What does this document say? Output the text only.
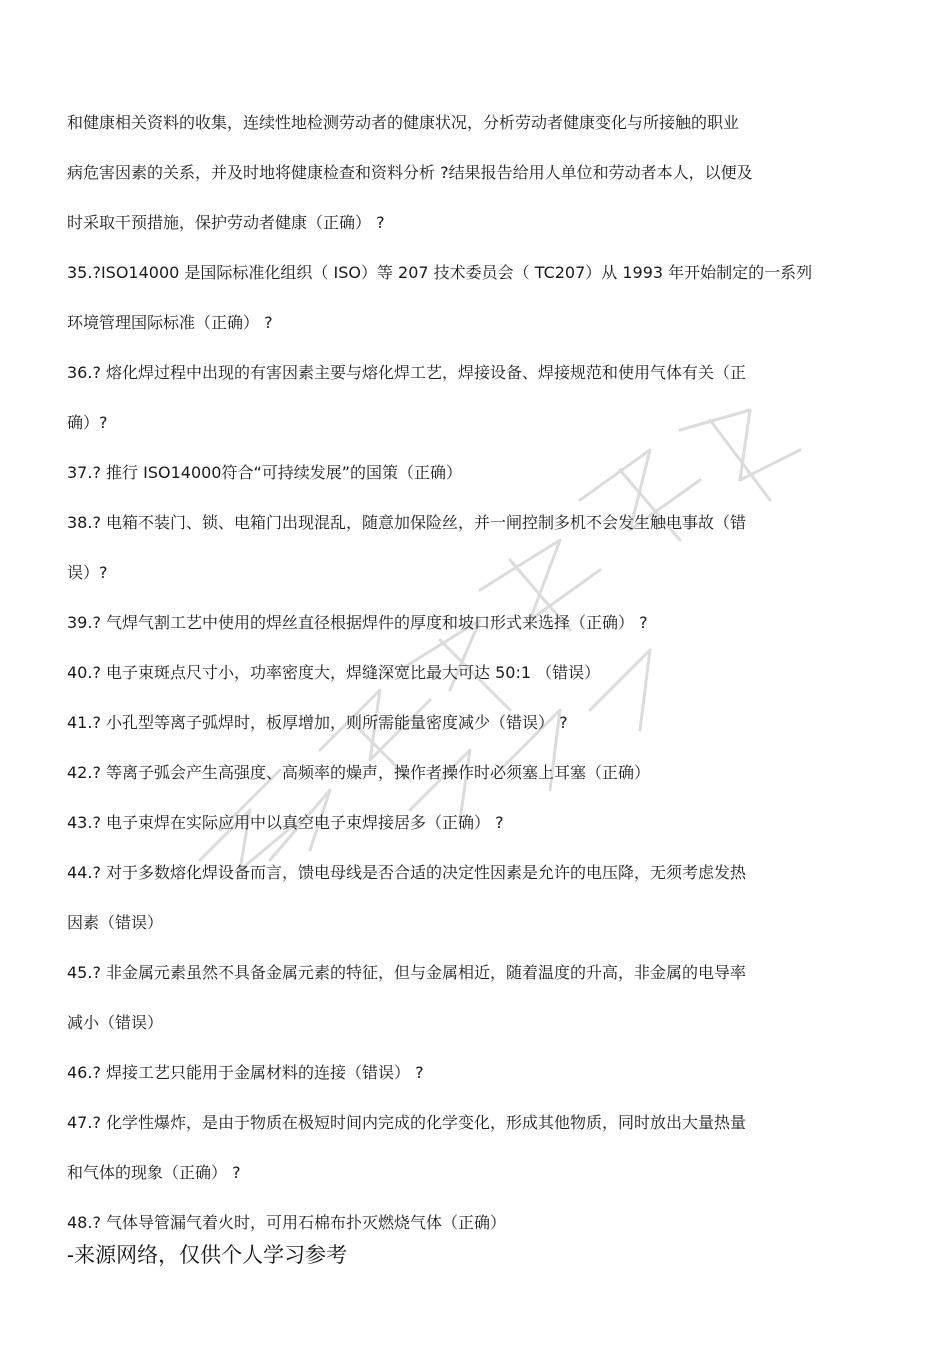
和健康相关资料的收集，连续性地检测劳动者的健康状况，分析劳动者健康变化与所接触的职业
病危害因素的关系，并及时地将健康检查和资料分析 ?结果报告给用人单位和劳动者本人，以便及
时采取干预措施，保护劳动者健康（正确） ?
35.?ISO14000 是国际标准化组织（ ISO）等 207 技术委员会（ TC207）从 1993 年开始制定的一系列
环境管理国际标准（正确） ?
36.? 熔化焊过程中出现的有害因素主要与熔化焊工艺，焊接设备、焊接规范和使用气体有关（正
确）?
37.? 推行 ISO14000符合“可持续发展”的国策（正确）
38.? 电箱不装门、锁、电箱门出现混乱，随意加保险丝，并一闸控制多机不会发生触电事故（错
误）?
39.? 气焊气割工艺中使用的焊丝直径根据焊件的厚度和坡口形式来选择（正确） ?
40.? 电子束斑点尺寸小，功率密度大，焊缝深宽比最大可达 50:1 （错误）
41.? 小孔型等离子弧焊时，板厚增加，则所需能量密度减少（错误） ?
42.? 等离子弧会产生高强度、高频率的燥声，操作者操作时必须塞上耳塞（正确）
43.? 电子束焊在实际应用中以真空电子束焊接居多（正确） ?
44.? 对于多数熔化焊设备而言，馈电母线是否合适的决定性因素是允许的电压降，无须考虑发热
因素（错误）
45.? 非金属元素虽然不具备金属元素的特征，但与金属相近，随着温度的升高，非金属的电导率
减小（错误）
46.? 焊接工艺只能用于金属材料的连接（错误） ?
47.? 化学性爆炸，是由于物质在极短时间内完成的化学变化，形成其他物质，同时放出大量热量
和气体的现象（正确） ?
48.? 气体导管漏气着火时，可用石棉布扑灭燃烧气体（正确）
-来源网络，仅供个人学习参考
